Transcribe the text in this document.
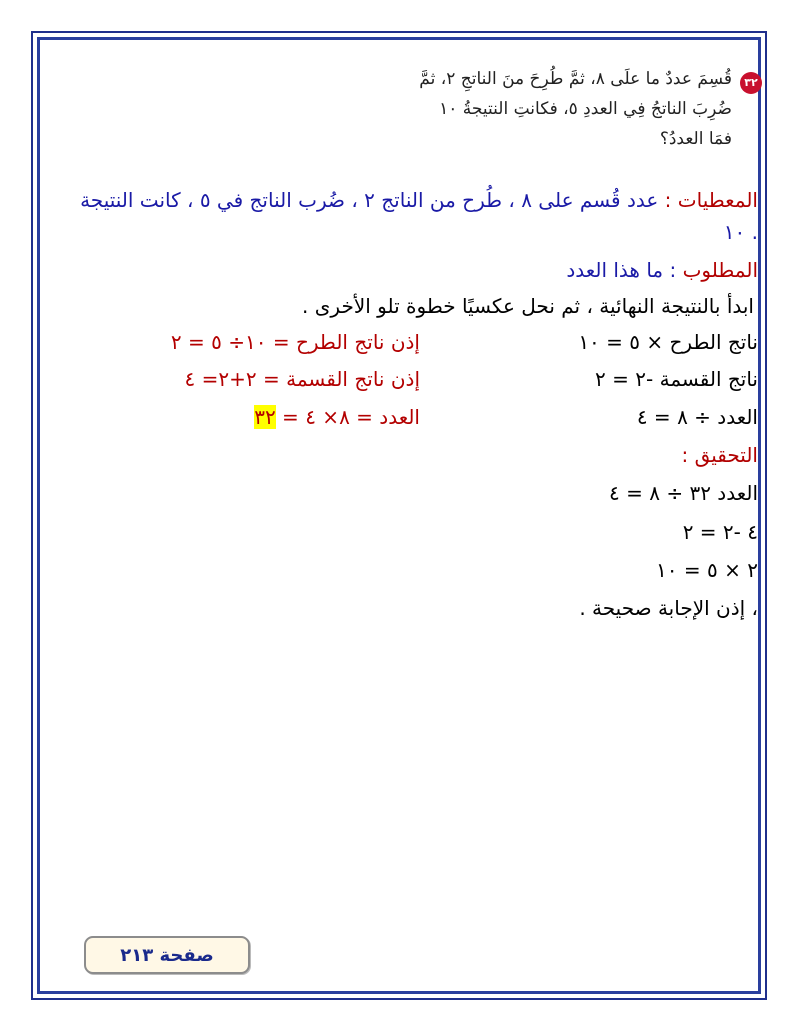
٣٢
قُسِمَ عددٌ ما علَى ٨، ثمَّ طُرِحَ منَ الناتجِ ٢، ثمَّ
ضُرِبَ الناتجُ فِي العددِ ٥، فكانتِ النتيجةُ ١٠
فمَا العددُ؟
المعطيات : عدد قُسم على ٨ ، طُرح من الناتج ٢ ، ضُرب الناتج في ٥ ، كانت النتيجة
١٠ .
المطلوب : ما هذا العدد
ابدأ بالنتيجة النهائية ، ثم نحل عكسيًا خطوة تلو الأخرى .
ناتج الطرح × ٥ = ١٠
ناتج القسمة -٢ = ٢
العدد ÷ ٨ = ٤
إذن ناتج الطرح = ١٠÷ ٥ = ٢
إذن ناتج القسمة = ٢+٢= ٤
العدد = ٨× ٤ = ٣٢
التحقيق :
العدد ٣٢ ÷ ٨ = ٤
٤ -٢ = ٢
٢ × ٥ = ١٠
، إذن الإجابة صحيحة .
صفحة ٢١٣
